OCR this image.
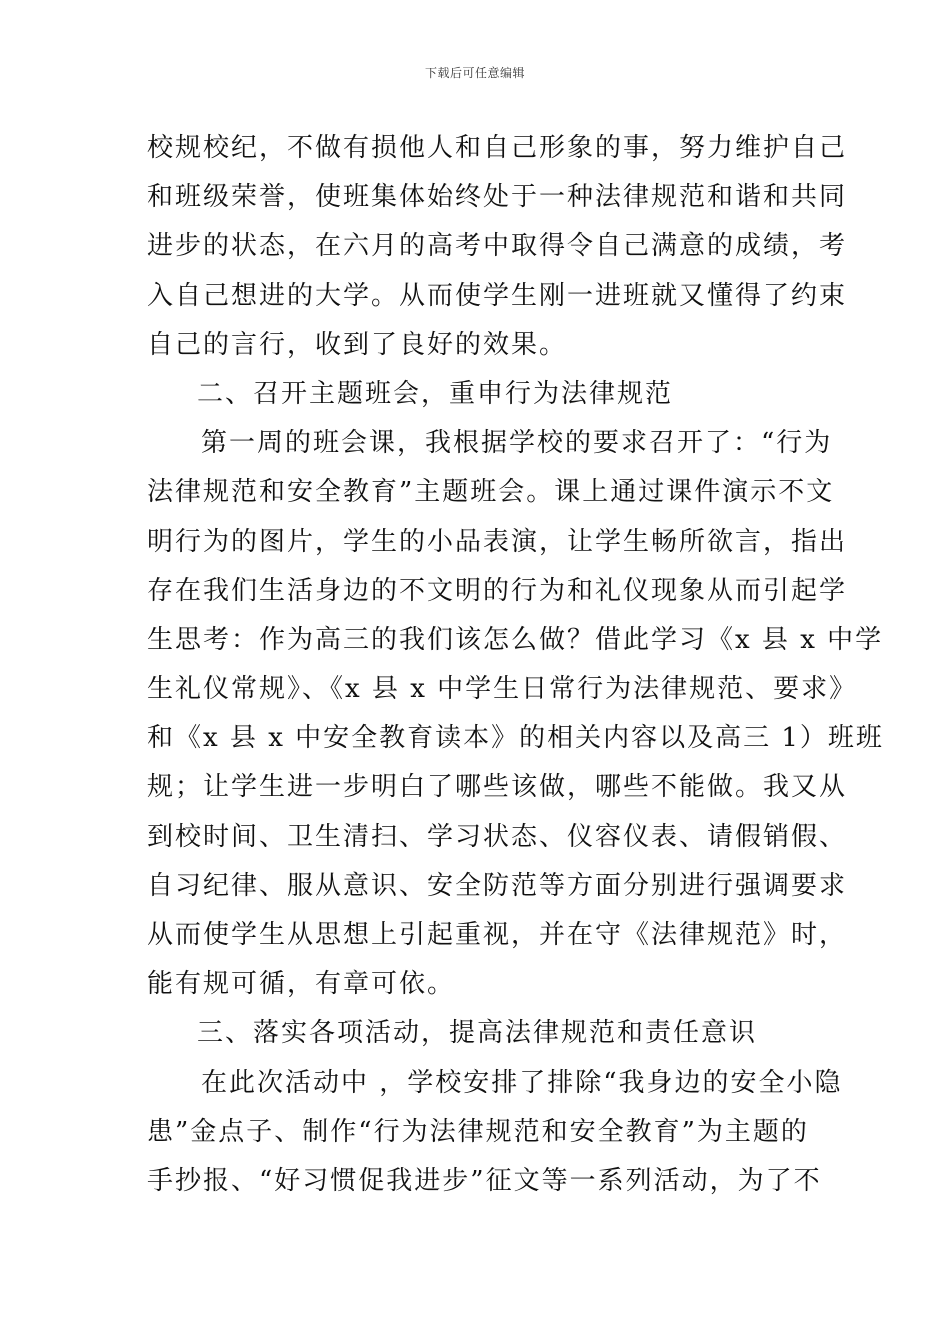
下载后可任意编辑
校规校纪，不做有损他人和自己形象的事，努力维护自己
和班级荣誉，使班集体始终处于一种法律规范和谐和共同
进步的状态，在六月的高考中取得令自己满意的成绩，考
入自己想进的大学。从而使学生刚一进班就又懂得了约束
自己的言行，收到了良好的效果。
二、召开主题班会，重申行为法律规范
第一周的班会课，我根据学校的要求召开了：“行为
法律规范和安全教育”主题班会。课上通过课件演示不文
明行为的图片，学生的小品表演，让学生畅所欲言，指出
存在我们生活身边的不文明的行为和礼仪现象从而引起学
生思考：作为高三的我们该怎么做？借此学习《x 县 x 中学
生礼仪常规》、《x 县 x 中学生日常行为法律规范、要求》
和《x 县 x 中安全教育读本》的相关内容以及高三 1）班班
规；让学生进一步明白了哪些该做，哪些不能做。我又从
到校时间、卫生清扫、学习状态、仪容仪表、请假销假、
自习纪律、服从意识、安全防范等方面分别进行强调要求
从而使学生从思想上引起重视，并在守《法律规范》时，
能有规可循，有章可依。
三、落实各项活动，提高法律规范和责任意识
在此次活动中 ，学校安排了排除“我身边的安全小隐
患”金点子、制作“行为法律规范和安全教育”为主题的
手抄报、“好习惯促我进步”征文等一系列活动，为了不
